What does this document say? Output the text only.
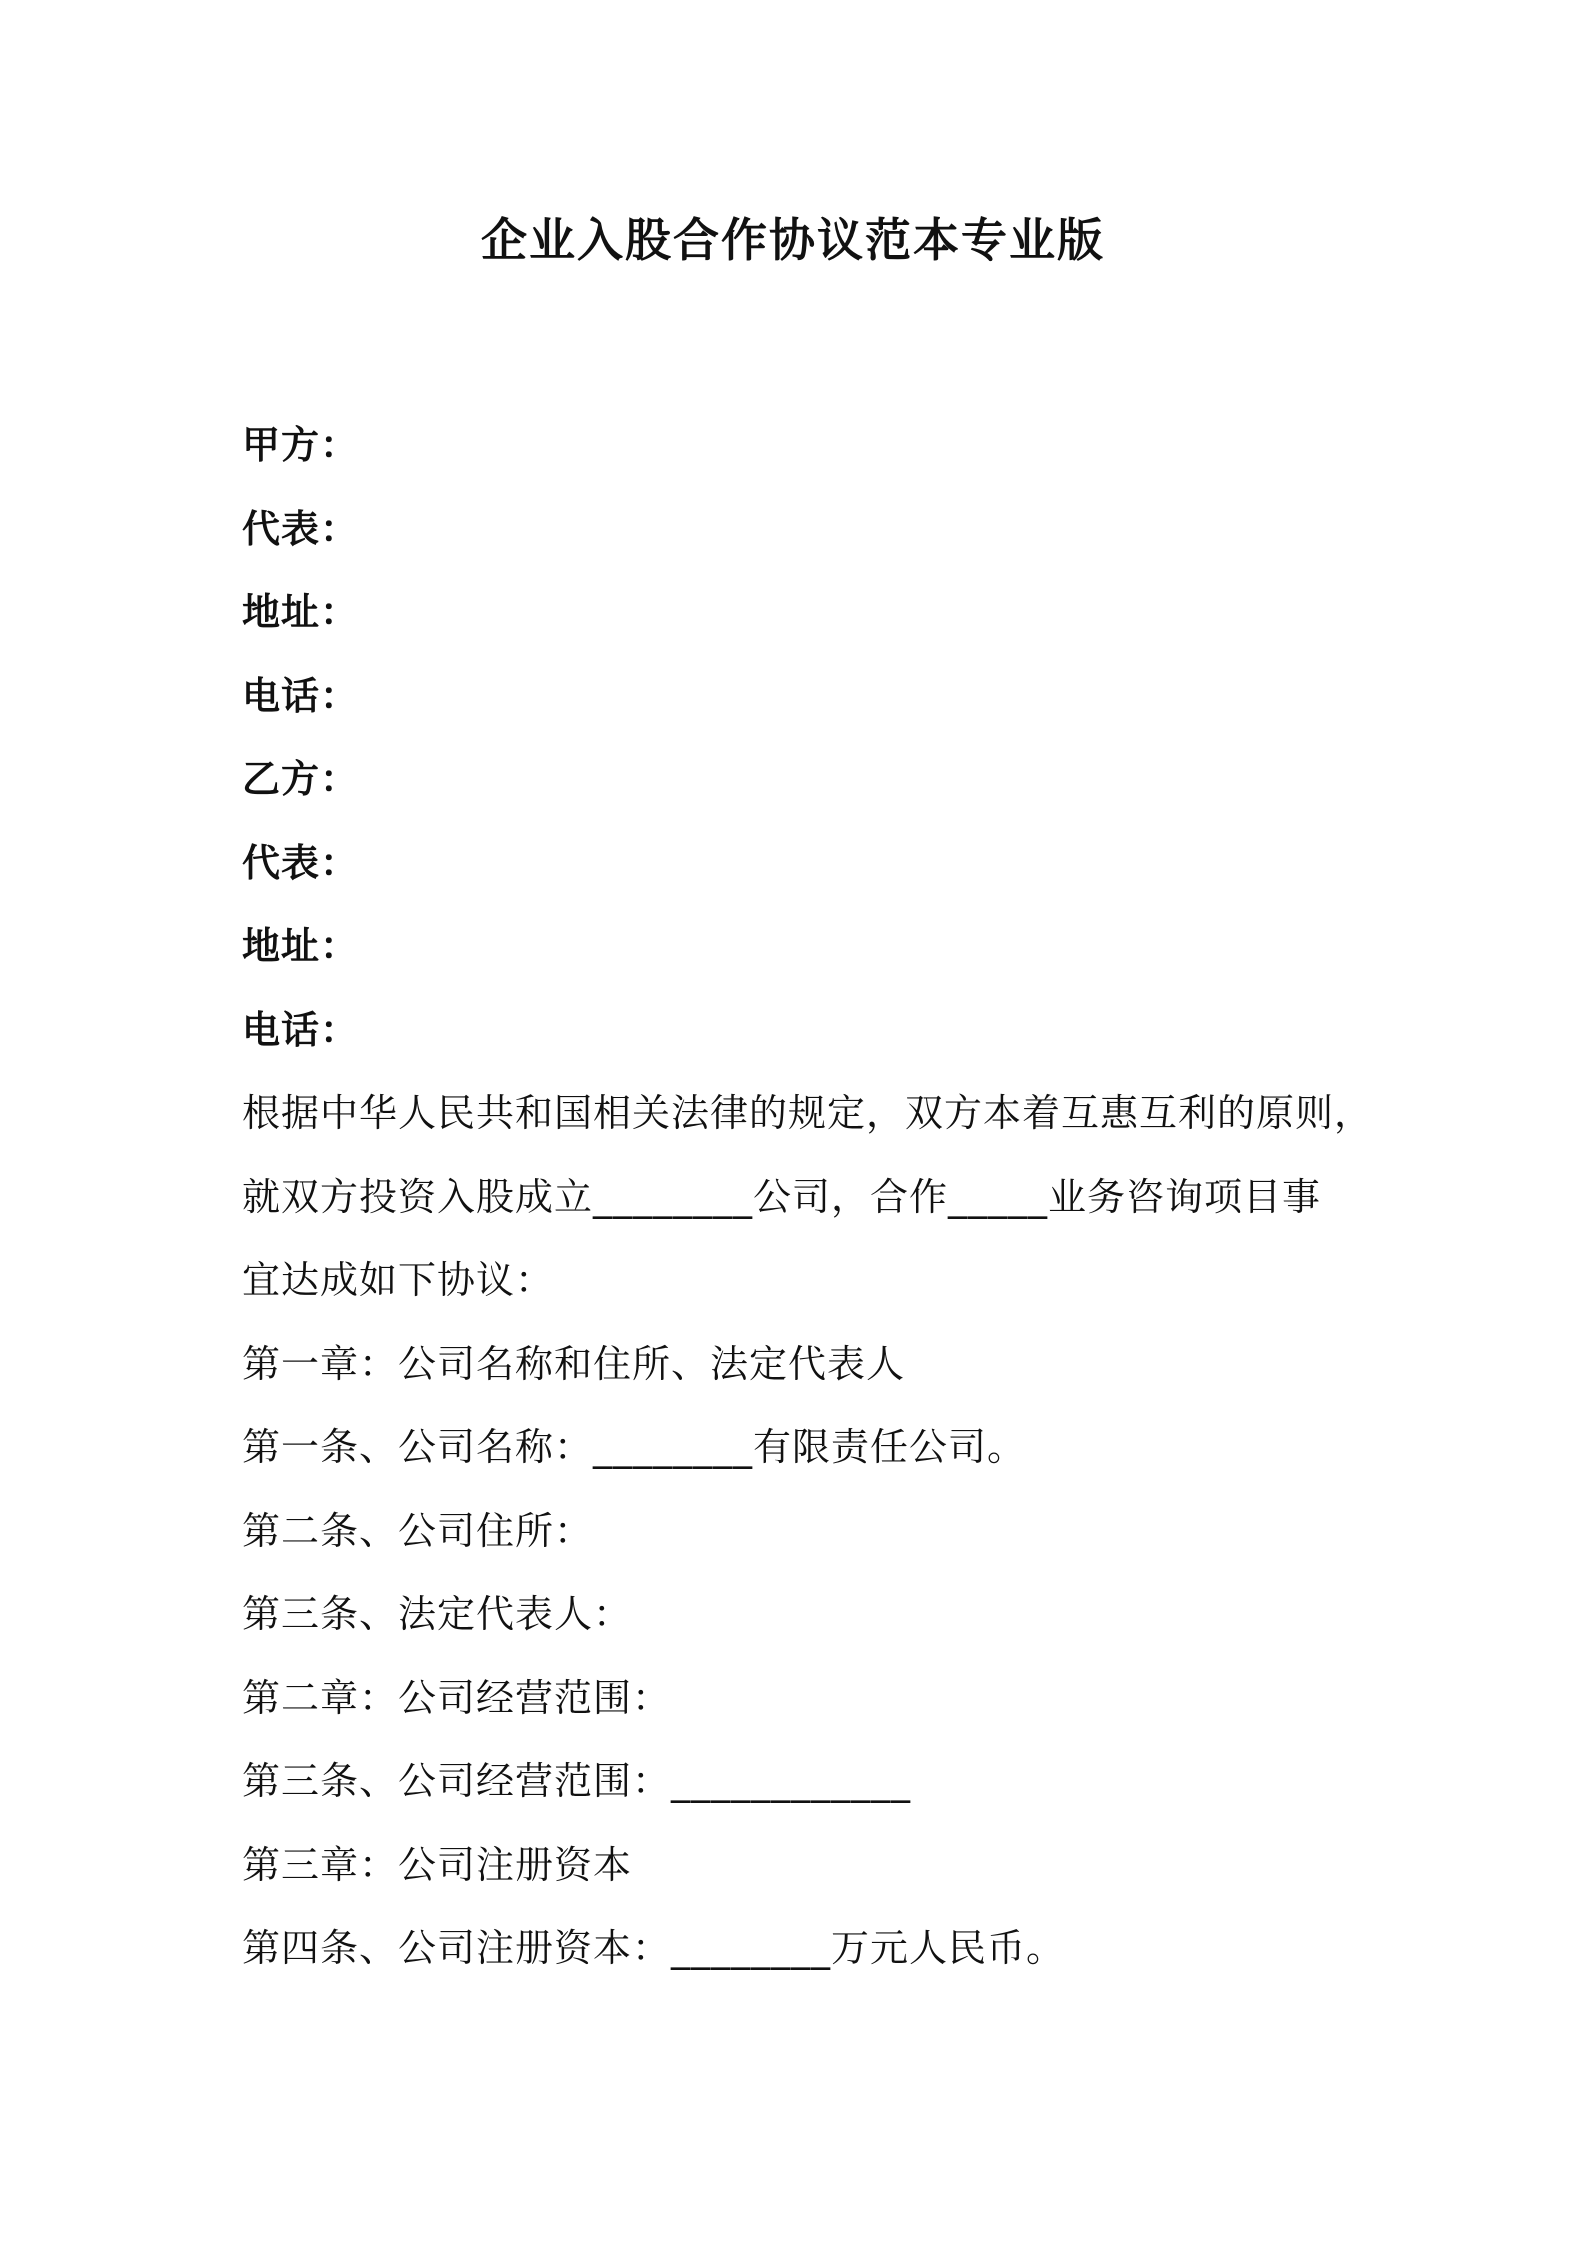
企业入股合作协议范本专业版
甲方：
代表：
地址：
电话：
乙方：
代表：
地址：
电话：
根据中华人民共和国相关法律的规定，双方本着互惠互利的原则，
就双方投资入股成立________公司，合作_____业务咨询项目事
宜达成如下协议：
第一章：公司名称和住所、法定代表人
第一条、公司名称：________有限责任公司。
第二条、公司住所：
第三条、法定代表人：
第二章：公司经营范围：
第三条、公司经营范围：____________
第三章：公司注册资本
第四条、公司注册资本：________万元人民币。
